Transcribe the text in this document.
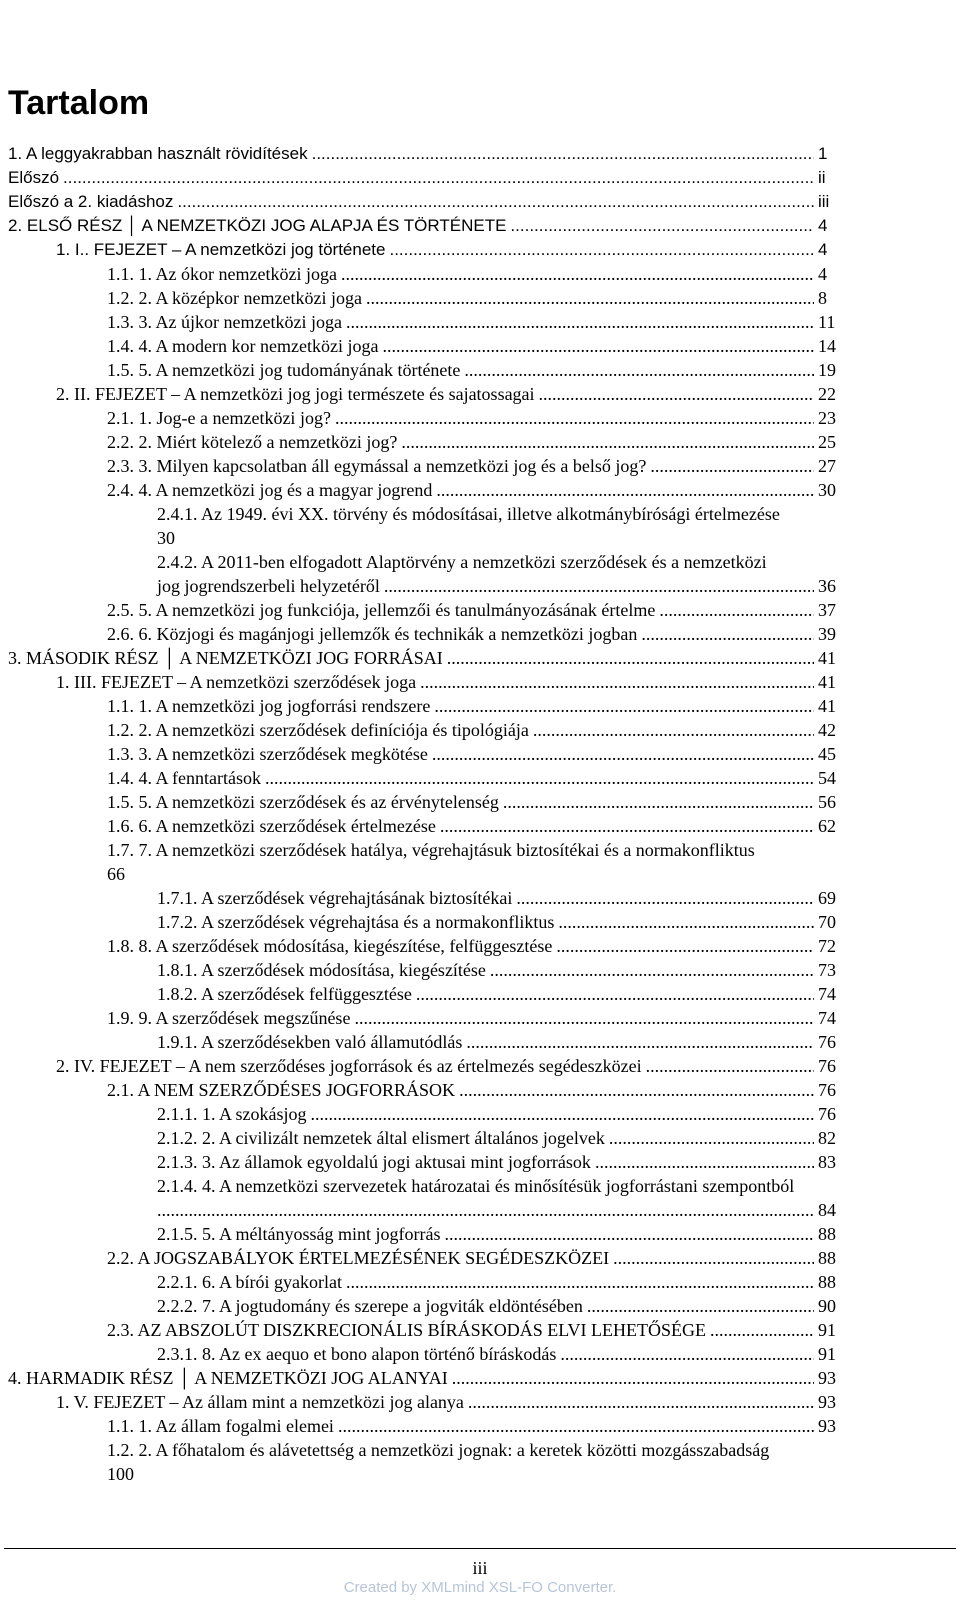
Tartalom
1. A leggyakrabban használt rövidítések .....	1
Előszó .....	ii
Előszó a 2. kiadáshoz .....	iii
2. ELSŐ RÉSZ │ A NEMZETKÖZI JOG ALAPJA ÉS TÖRTÉNETE .....	4
1. I.. FEJEZET – A nemzetközi jog története .....	4
1.1. 1. Az ókor nemzetközi joga .....	4
1.2. 2. A középkor nemzetközi joga .....	8
1.3. 3. Az újkor nemzetközi joga .....	11
1.4. 4. A modern kor nemzetközi joga .....	14
1.5. 5. A nemzetközi jog tudományának története .....	19
2. II. FEJEZET – A nemzetközi jog jogi természete és sajatossagai .....	22
2.1. 1. Jog-e a nemzetközi jog? .....	23
2.2. 2. Miért kötelező a nemzetközi jog? .....	25
2.3. 3. Milyen kapcsolatban áll egymással a nemzetközi jog és a belső jog? .....	27
2.4. 4. A nemzetközi jog és a magyar jogrend .....	30
2.4.1. Az 1949. évi XX. törvény és módosításai, illetve alkotmánybírósági értelmezése
30
2.4.2. A 2011-ben elfogadott Alaptörvény a nemzetközi szerződések és a nemzetközi
jog jogrendszerbeli helyzetéről .....	36
2.5. 5. A nemzetközi jog funkciója, jellemzői és tanulmányozásának értelme .....	37
2.6. 6. Közjogi és magánjogi jellemzők és technikák a nemzetközi jogban .....	39
3. MÁSODIK RÉSZ │ A NEMZETKÖZI JOG FORRÁSAI .....	41
1. III. FEJEZET – A nemzetközi szerződések joga .....	41
1.1. 1. A nemzetközi jog jogforrási rendszere .....	41
1.2. 2. A nemzetközi szerződések definíciója és tipológiája .....	42
1.3. 3. A nemzetközi szerződések megkötése .....	45
1.4. 4. A fenntartások .....	54
1.5. 5. A nemzetközi szerződések és az érvénytelenség .....	56
1.6. 6. A nemzetközi szerződések értelmezése .....	62
1.7. 7. A nemzetközi szerződések hatálya, végrehajtásuk biztosítékai és a normakonfliktus
66
1.7.1. A szerződések végrehajtásának biztosítékai .....	69
1.7.2. A szerződések végrehajtása és a normakonfliktus .....	70
1.8. 8. A szerződések módosítása, kiegészítése, felfüggesztése .....	72
1.8.1. A szerződések módosítása, kiegészítése .....	73
1.8.2. A szerződések felfüggesztése .....	74
1.9. 9. A szerződések megszűnése .....	74
1.9.1. A szerződésekben való államutódlás .....	76
2. IV. FEJEZET – A nem szerződéses jogforrások és az értelmezés segédeszközei .....	76
2.1. A NEM SZERZŐDÉSES JOGFORRÁSOK .....	76
2.1.1. 1. A szokásjog .....	76
2.1.2. 2. A civilizált nemzetek által elismert általános jogelvek .....	82
2.1.3. 3. Az államok egyoldalú jogi aktusai mint jogforrások .....	83
2.1.4. 4. A nemzetközi szervezetek határozatai és minősítésük jogforrástani szempontból
.....
84
2.1.5. 5. A méltányosság mint jogforrás .....	88
2.2. A JOGSZABÁLYOK ÉRTELMEZÉSÉNEK SEGÉDESZKÖZEI .....	88
2.2.1. 6. A bírói gyakorlat .....	88
2.2.2. 7. A jogtudomány és szerepe a jogviták eldöntésében .....	90
2.3. AZ ABSZOLÚT DISZKRECIONÁLIS BÍRÁSKODÁS ELVI LEHETŐSÉGE .....	91
2.3.1. 8. Az ex aequo et bono alapon történő bíráskodás .....	91
4. HARMADIK RÉSZ │ A NEMZETKÖZI JOG ALANYAI .....	93
1. V. FEJEZET – Az állam mint a nemzetközi jog alanya .....	93
1.1. 1. Az állam fogalmi elemei .....	93
1.2. 2. A főhatalom és alávetettség a nemzetközi jognak: a keretek közötti mozgásszabadság
100
iii
Created by XMLmind XSL-FO Converter.
